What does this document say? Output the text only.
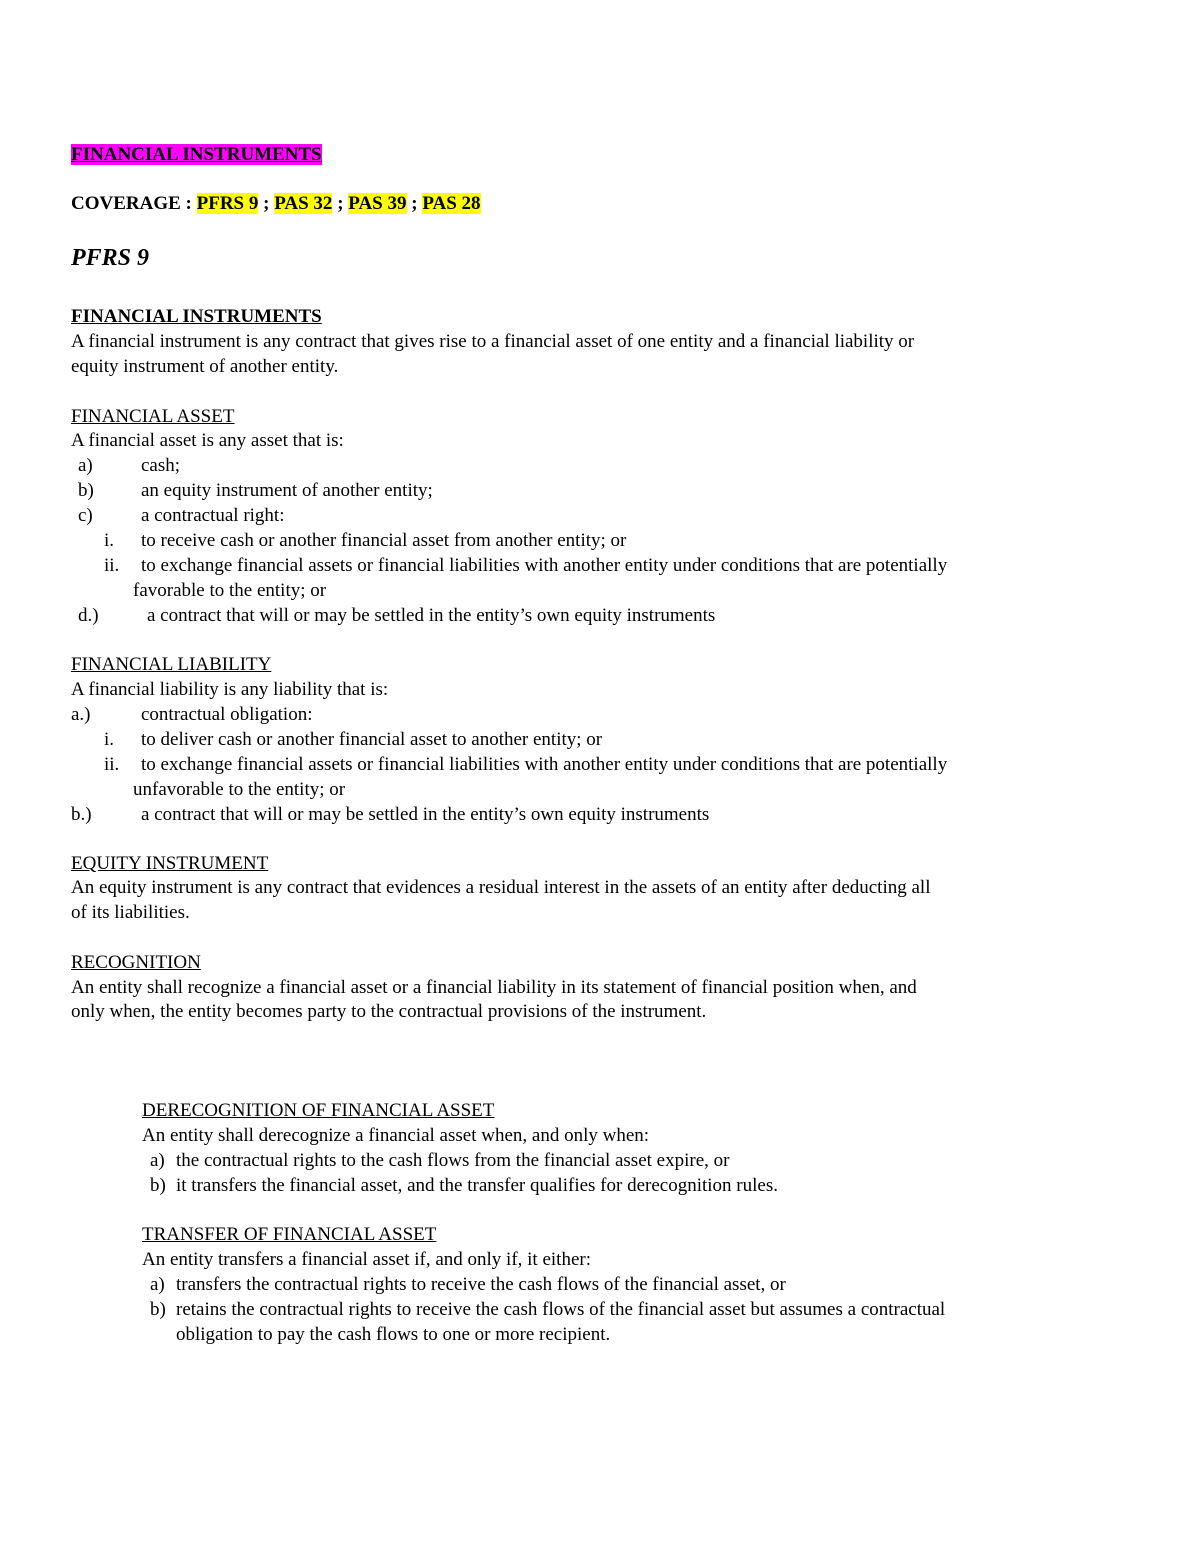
FINANCIAL INSTRUMENTS
COVERAGE : PFRS 9 ; PAS 32 ; PAS 39 ; PAS 28
PFRS 9
FINANCIAL INSTRUMENTS
A financial instrument is any contract that gives rise to a financial asset of one entity and a financial liability or
equity instrument of another entity.
FINANCIAL ASSET
A financial asset is any asset that is:
a)	cash;
b) an equity instrument of another entity;
c)	a contractual right:
i. to receive cash or another financial asset from another entity; or
ii. to exchange financial assets or financial liabilities with another entity under conditions that are potentially
favorable to the entity; or
d.)	a contract that will or may be settled in the entity’s own equity instruments
FINANCIAL LIABILITY
A financial liability is any liability that is:
a.)	contractual obligation:
i. to deliver cash or another financial asset to another entity; or
ii. to exchange financial assets or financial liabilities with another entity under conditions that are potentially
unfavorable to the entity; or
b.)	a contract that will or may be settled in the entity’s own equity instruments
EQUITY INSTRUMENT
An equity instrument is any contract that evidences a residual interest in the assets of an entity after deducting all
of its liabilities.
RECOGNITION
An entity shall recognize a financial asset or a financial liability in its statement of financial position when, and
only when, the entity becomes party to the contractual provisions of the instrument.
DERECOGNITION OF FINANCIAL ASSET
An entity shall derecognize a financial asset when, and only when:
a) the contractual rights to the cash flows from the financial asset expire, or
b) it transfers the financial asset, and the transfer qualifies for derecognition rules.
TRANSFER OF FINANCIAL ASSET
An entity transfers a financial asset if, and only if, it either:
a) transfers the contractual rights to receive the cash flows of the financial asset, or
b) retains the contractual rights to receive the cash flows of the financial asset but assumes a contractual
obligation to pay the cash flows to one or more recipient.
